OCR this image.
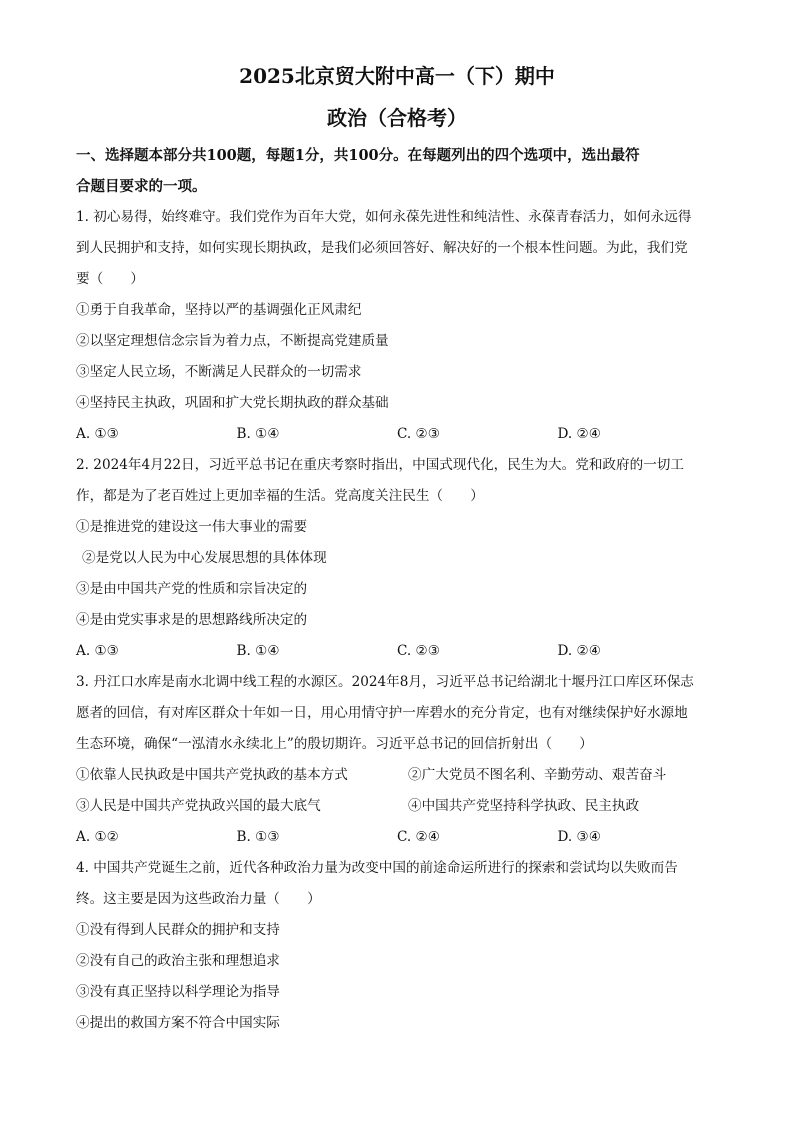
2025北京贸大附中高一（下）期中
政治（合格考）

一、选择题本部分共100题，每题1分，共100分。在每题列出的四个选项中，选出最符

合题目要求的一项。

1. 初心易得，始终难守。我们党作为百年大党，如何永葆先进性和纯洁性、永葆青春活力，如何永远得

到人民拥护和支持，如何实现长期执政，是我们必须回答好、解决好的一个根本性问题。为此，我们党

要（　　）

①勇于自我革命，坚持以严的基调强化正风肃纪

②以坚定理想信念宗旨为着力点，不断提高党建质量

③坚定人民立场，不断满足人民群众的一切需求

④坚持民主执政，巩固和扩大党长期执政的群众基础

A. ①③	B. ①④	C. ②③	D. ②④

2. 2024年4月22日，习近平总书记在重庆考察时指出，中国式现代化，民生为大。党和政府的一切工

作，都是为了老百姓过上更加幸福的生活。党高度关注民生（　　）

①是推进党的建设这一伟大事业的需要

②是党以人民为中心发展思想的具体体现

③是由中国共产党的性质和宗旨决定的

④是由党实事求是的思想路线所决定的

A. ①③	B. ①④	C. ②③	D. ②④

3. 丹江口水库是南水北调中线工程的水源区。2024年8月，习近平总书记给湖北十堰丹江口库区环保志

愿者的回信，有对库区群众十年如一日，用心用情守护一库碧水的充分肯定，也有对继续保护好水源地

生态环境，确保“一泓清水永续北上”的殷切期许。习近平总书记的回信折射出（　　）

①依靠人民执政是中国共产党执政的基本方式	②广大党员不图名利、辛勤劳动、艰苦奋斗
③人民是中国共产党执政兴国的最大底气	④中国共产党坚持科学执政、民主执政
A. ①②	B. ①③	C. ②④	D. ③④

4. 中国共产党诞生之前，近代各种政治力量为改变中国的前途命运所进行的探索和尝试均以失败而告

终。这主要是因为这些政治力量（　　）

①没有得到人民群众的拥护和支持

②没有自己的政治主张和理想追求

③没有真正坚持以科学理论为指导

④提出的救国方案不符合中国实际
